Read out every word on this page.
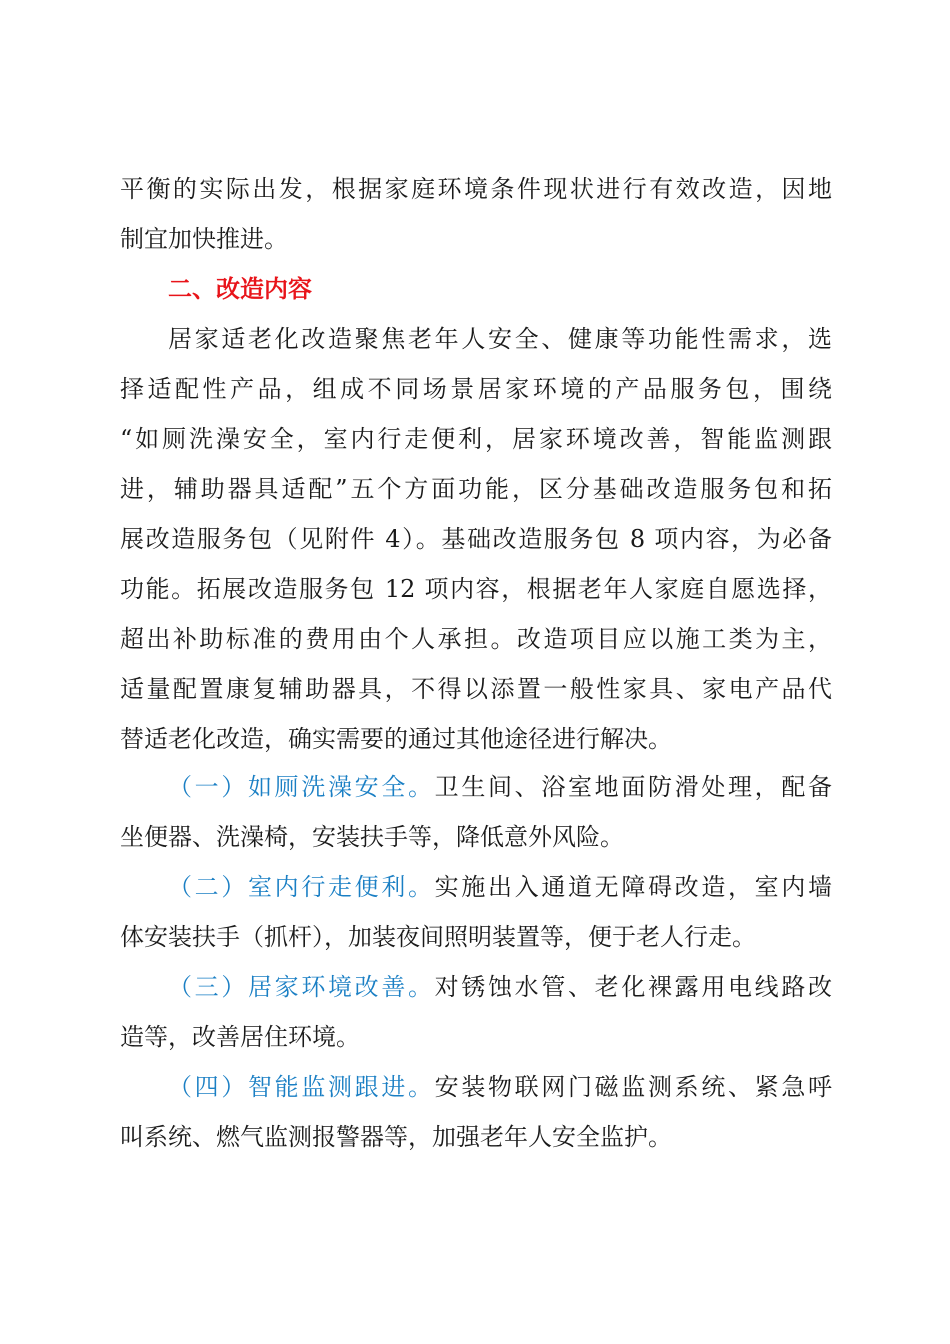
平衡的实际出发，根据家庭环境条件现状进行有效改造，因地
制宜加快推进。
二、改造内容
居家适老化改造聚焦老年人安全、健康等功能性需求，选
择适配性产品，组成不同场景居家环境的产品服务包，围绕
“如厕洗澡安全，室内行走便利，居家环境改善，智能监测跟
进，辅助器具适配”五个方面功能，区分基础改造服务包和拓
展改造服务包（见附件 4）。基础改造服务包 8 项内容，为必备
功能。拓展改造服务包 12 项内容，根据老年人家庭自愿选择，
超出补助标准的费用由个人承担。改造项目应以施工类为主，
适量配置康复辅助器具，不得以添置一般性家具、家电产品代
替适老化改造，确实需要的通过其他途径进行解决。
（一）如厕洗澡安全。卫生间、浴室地面防滑处理，配备
坐便器、洗澡椅，安装扶手等，降低意外风险。
（二）室内行走便利。实施出入通道无障碍改造，室内墙
体安装扶手（抓杆），加装夜间照明装置等，便于老人行走。
（三）居家环境改善。对锈蚀水管、老化裸露用电线路改
造等，改善居住环境。
（四）智能监测跟进。安装物联网门磁监测系统、紧急呼
叫系统、燃气监测报警器等，加强老年人安全监护。
